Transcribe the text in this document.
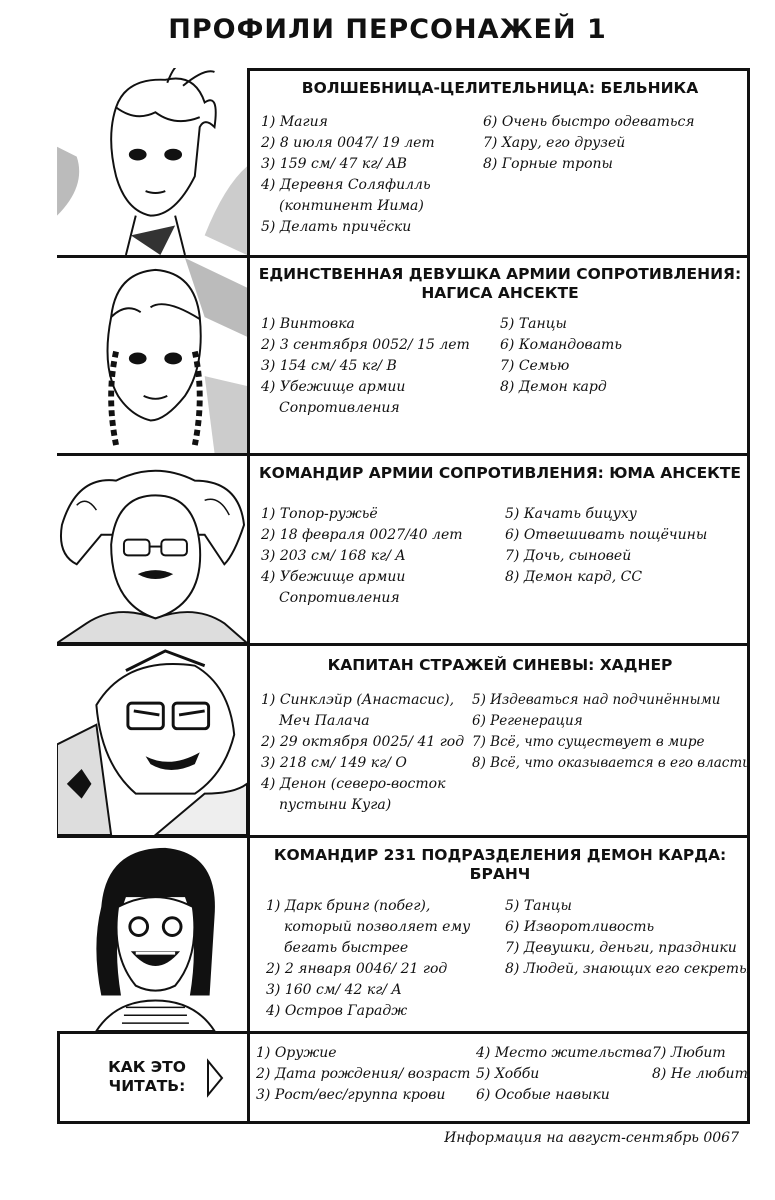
ПРОФИЛИ ПЕРСОНАЖЕЙ 1
ВОЛШЕБНИЦА-ЦЕЛИТЕЛЬНИЦА: БЕЛЬНИКА
1) Магия
2) 8 июля 0047/ 19 лет
3) 159 см/ 47 кг/ AB
4) Деревня Соляфилль
(континент Иима)
5) Делать причёски
6) Очень быстро одеваться
7) Хару, его друзей
8) Горные тропы
ЕДИНСТВЕННАЯ ДЕВУШКА АРМИИ СОПРОТИВЛЕНИЯ:
НАГИСА АНСЕКТЕ
1) Винтовка
2) 3 сентября 0052/ 15 лет
3) 154 см/ 45 кг/ B
4) Убежище армии
Сопротивления
5) Танцы
6) Командовать
7) Семью
8) Демон кард
КОМАНДИР АРМИИ СОПРОТИВЛЕНИЯ: ЮМА АНСЕКТЕ
1) Топор-ружьё
2) 18 февраля 0027/40 лет
3) 203 см/ 168 кг/ A
4) Убежище армии
Сопротивления
5) Качать бицуху
6) Отвешивать пощёчины
7) Дочь, сыновей
8) Демон кард, СС
КАПИТАН СТРАЖЕЙ СИНЕВЫ: ХАДНЕР
1) Синклэйр (Анастасис),
Меч Палача
2) 29 октября 0025/ 41 год
3) 218 см/ 149 кг/ O
4) Денон (северо-восток
пустыни Куга)
5) Издеваться над подчинёнными
6) Регенерация
7) Всё, что существует в мире
8) Всё, что оказывается в его власти
КОМАНДИР 231 ПОДРАЗДЕЛЕНИЯ ДЕМОН КАРДА:
БРАНЧ
1) Дарк бринг (побег),
который позволяет ему
бегать быстрее
2) 2 января 0046/ 21 год
3) 160 см/ 42 кг/ A
4) Остров Гарадж
5) Танцы
6) Изворотливость
7) Девушки, деньги, праздники
8) Людей, знающих его секреты
КАК ЭТО
ЧИТАТЬ:
1) Оружие
2) Дата рождения/ возраст
3) Рост/вес/группа крови
4) Место жительства
5) Хобби
6) Особые навыки
7) Любит
8) Не любит
Информация на август-сентябрь 0067
